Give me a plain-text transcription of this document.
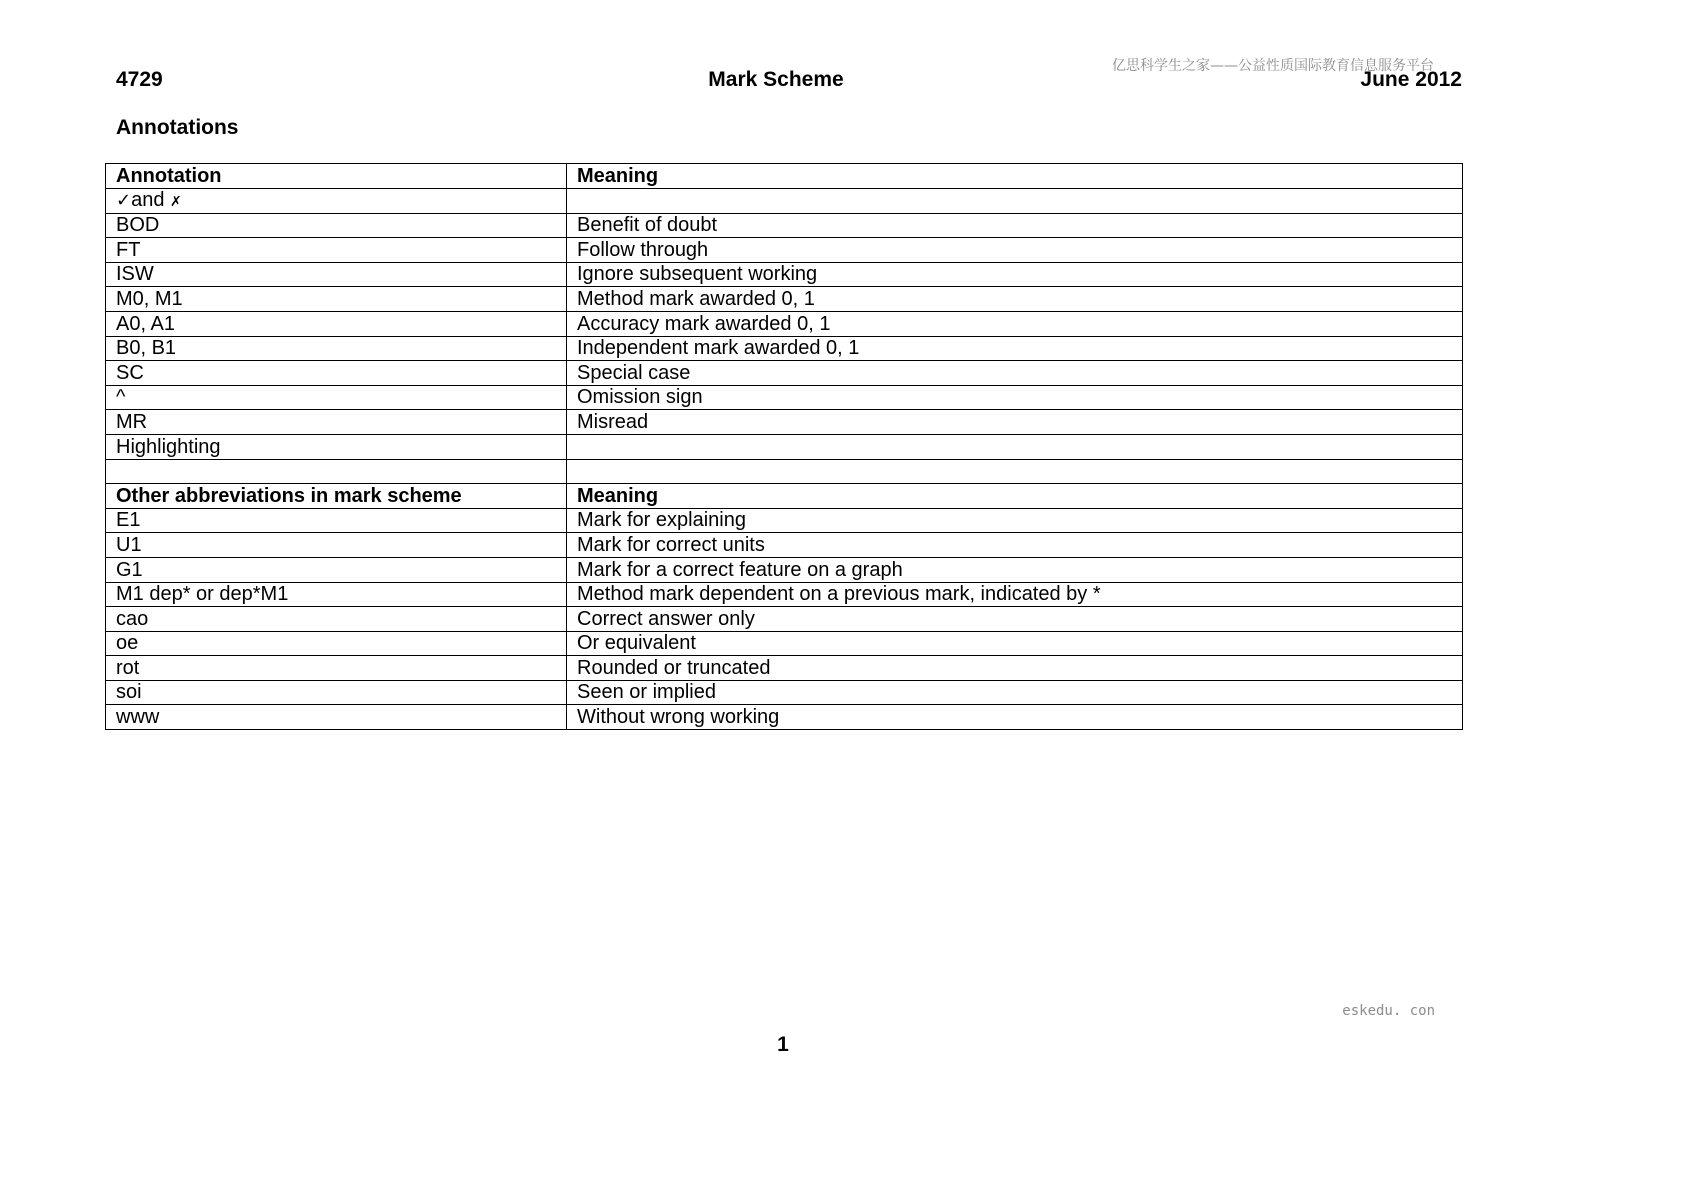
亿思科学生之家——公益性质国际教育信息服务平台
4729	Mark Scheme	June 2012
Annotations
Annotation	Meaning
✓and ✗	
BOD	Benefit of doubt
FT	Follow through
ISW	Ignore subsequent working
M0, M1	Method mark awarded 0, 1
A0, A1	Accuracy mark awarded 0, 1
B0, B1	Independent mark awarded 0, 1
SC	Special case
^	Omission sign
MR	Misread
Highlighting	

Other abbreviations in mark scheme	Meaning
E1	Mark for explaining
U1	Mark for correct units
G1	Mark for a correct feature on a graph
M1 dep* or dep*M1	Method mark dependent on a previous mark, indicated by *
cao	Correct answer only
oe	Or equivalent
rot	Rounded or truncated
soi	Seen or implied
www	Without wrong working
eskedu. con
1
